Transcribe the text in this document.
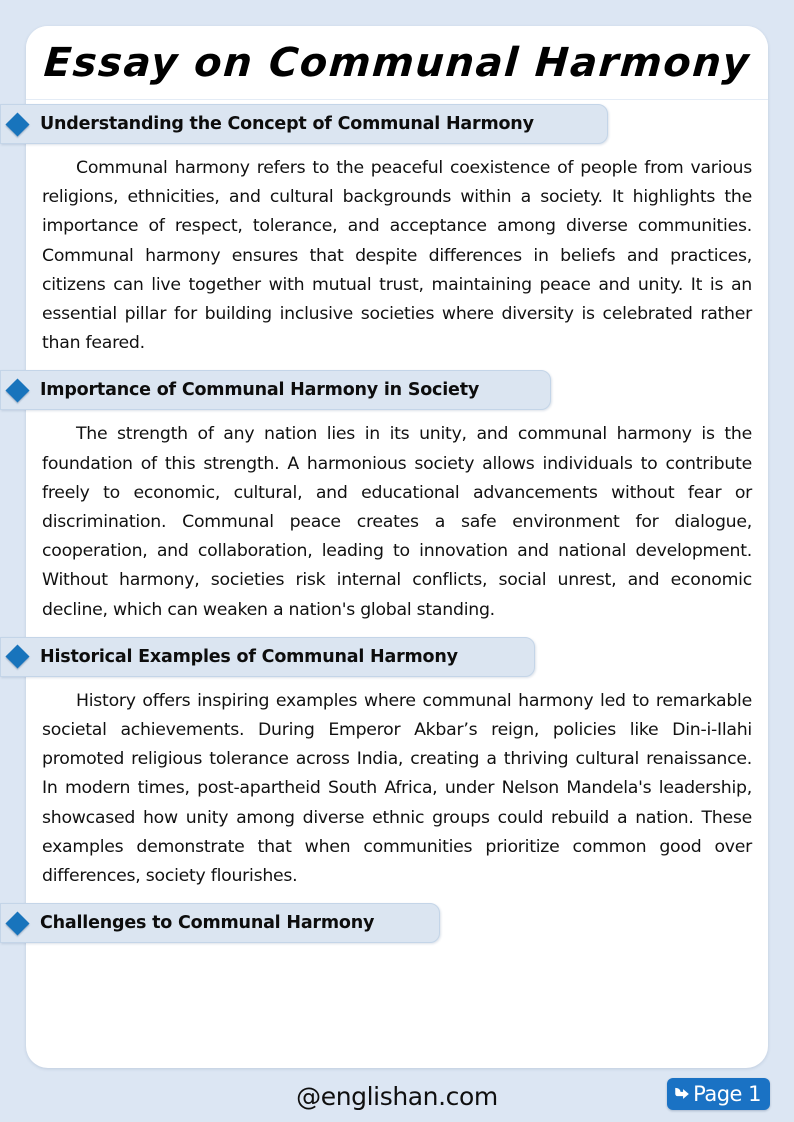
Essay on Communal Harmony
Understanding the Concept of Communal Harmony

Communal harmony refers to the peaceful coexistence of people from various religions, ethnicities, and cultural backgrounds within a society. It highlights the importance of respect, tolerance, and acceptance among diverse communities. Communal harmony ensures that despite differences in beliefs and practices, citizens can live together with mutual trust, maintaining peace and unity. It is an essential pillar for building inclusive societies where diversity is celebrated rather than feared.

Importance of Communal Harmony in Society

The strength of any nation lies in its unity, and communal harmony is the foundation of this strength. A harmonious society allows individuals to contribute freely to economic, cultural, and educational advancements without fear or discrimination. Communal peace creates a safe environment for dialogue, cooperation, and collaboration, leading to innovation and national development. Without harmony, societies risk internal conflicts, social unrest, and economic decline, which can weaken a nation's global standing.

Historical Examples of Communal Harmony

History offers inspiring examples where communal harmony led to remarkable societal achievements. During Emperor Akbar’s reign, policies like Din-i-Ilahi promoted religious tolerance across India, creating a thriving cultural renaissance. In modern times, post-apartheid South Africa, under Nelson Mandela's leadership, showcased how unity among diverse ethnic groups could rebuild a nation. These examples demonstrate that when communities prioritize common good over differences, society flourishes.

Challenges to Communal Harmony
@englishan.com	Page 1
